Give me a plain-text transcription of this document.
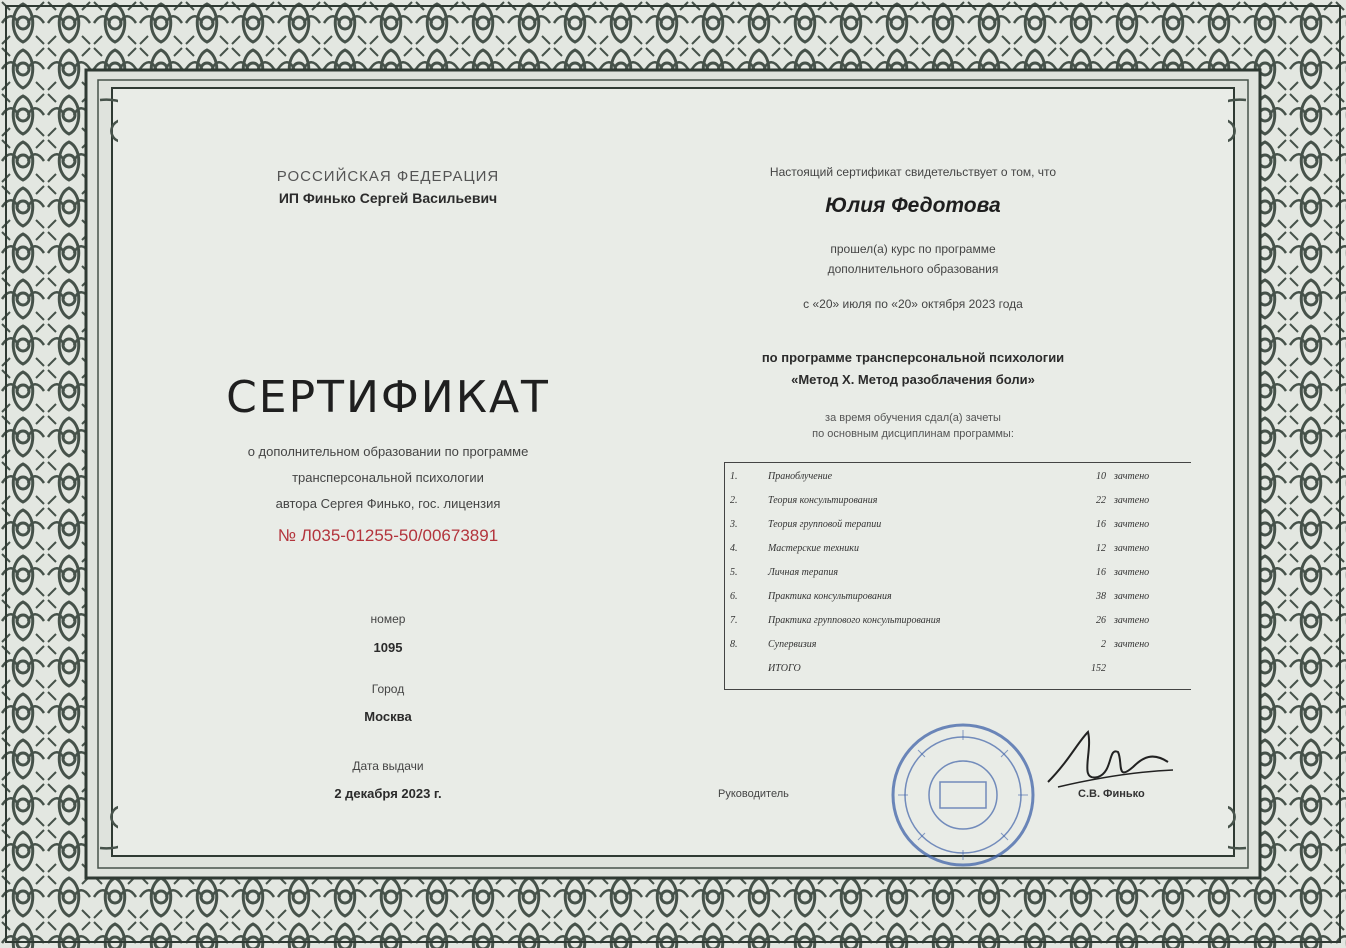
РОССИЙСКАЯ ФЕДЕРАЦИЯ
ИП Финько Сергей Васильевич
СЕРТИФИКАТ
о дополнительном образовании по программе
трансперсональной психологии
автора Сергея Финько, гос. лицензия
№ Л035-01255-50/00673891
номер
1095
Город
Москва
Дата выдачи
2 декабря 2023 г.
Настоящий сертификат свидетельствует о том, что
Юлия Федотова
прошел(а) курс по программе
дополнительного образования
с «20» июля по «20» октября 2023 года
по программе трансперсональной психологии
«Метод Х. Метод разоблачения боли»
за время обучения сдал(а) зачеты
по основным дисциплинам программы:
1.	Праноблучение	10	зачтено
2.	Теория консультирования	22	зачтено
3.	Теория групповой терапии	16	зачтено
4.	Мастерские техники	12	зачтено
5.	Личная терапия	16	зачтено
6.	Практика консультирования	38	зачтено
7.	Практика группового консультирования	26	зачтено
8.	Супервизия	2	зачтено
	ИТОГО	152	
Руководитель	С.В. Финько
